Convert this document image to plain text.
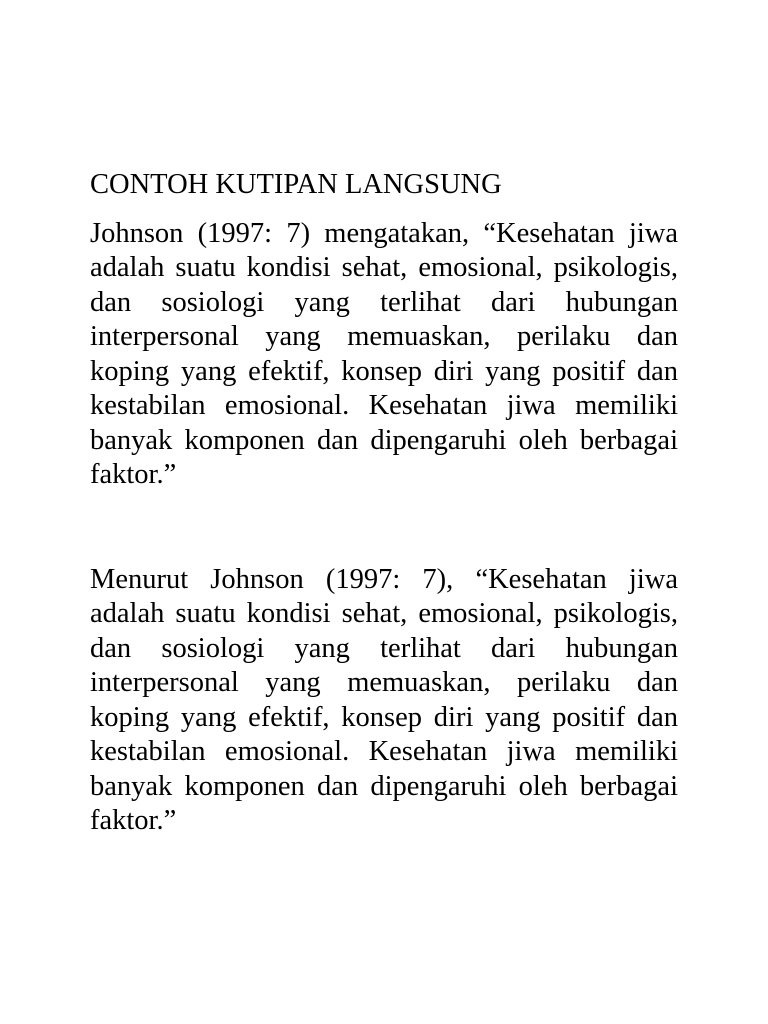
CONTOH KUTIPAN LANGSUNG

Johnson (1997: 7) mengatakan, “Kesehatan jiwa adalah suatu kondisi sehat, emosional, psikologis, dan sosiologi yang terlihat dari hubungan interpersonal yang memuaskan, perilaku dan koping yang efektif, konsep diri yang positif dan kestabilan emosional. Kesehatan jiwa memiliki banyak komponen dan dipengaruhi oleh berbagai faktor.”

Menurut Johnson (1997: 7), “Kesehatan jiwa adalah suatu kondisi sehat, emosional, psikologis, dan sosiologi yang terlihat dari hubungan interpersonal yang memuaskan, perilaku dan koping yang efektif, konsep diri yang positif dan kestabilan emosional. Kesehatan jiwa memiliki banyak komponen dan dipengaruhi oleh berbagai faktor.”
